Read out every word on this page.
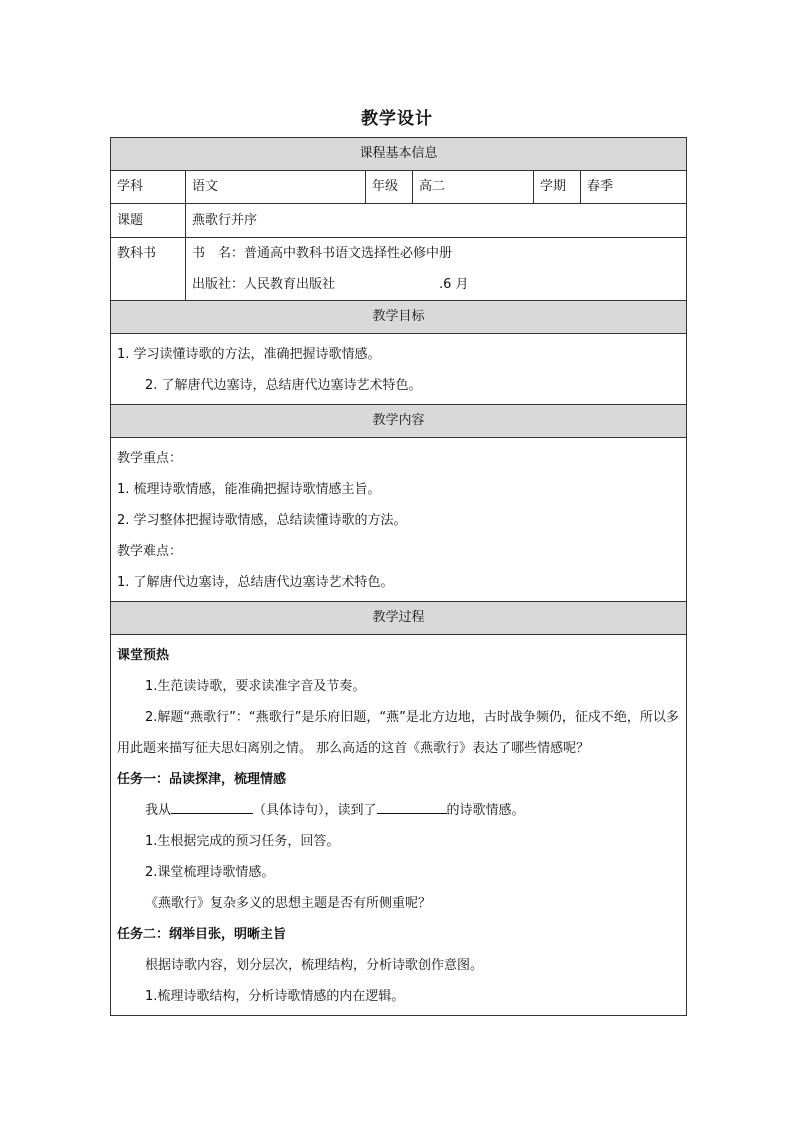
教学设计
课程基本信息
学科	语文	年级	高二	学期	春季
课题	燕歌行并序
教科书	书　名：普通高中教科书语文选择性必修中册
出版社：人民教育出版社	.6 月
教学目标
1. 学习读懂诗歌的方法，准确把握诗歌情感。
2. 了解唐代边塞诗，总结唐代边塞诗艺术特色。
教学内容
教学重点：
1. 梳理诗歌情感，能准确把握诗歌情感主旨。
2. 学习整体把握诗歌情感，总结读懂诗歌的方法。
教学难点：
1. 了解唐代边塞诗，总结唐代边塞诗艺术特色。
教学过程
课堂预热
1.生范读诗歌，要求读准字音及节奏。
2.解题“燕歌行”：“燕歌行”是乐府旧题，“燕”是北方边地，古时战争频仍，征戍不绝，所以多用此题来描写征夫思妇离别之情。 那么高适的这首《燕歌行》表达了哪些情感呢？
任务一：品读探津，梳理情感
我从	（具体诗句），读到了	的诗歌情感。
1.生根据完成的预习任务，回答。
2.课堂梳理诗歌情感。
《燕歌行》复杂多义的思想主题是否有所侧重呢？
任务二：纲举目张，明晰主旨
根据诗歌内容，划分层次，梳理结构，分析诗歌创作意图。
1.梳理诗歌结构，分析诗歌情感的内在逻辑。
